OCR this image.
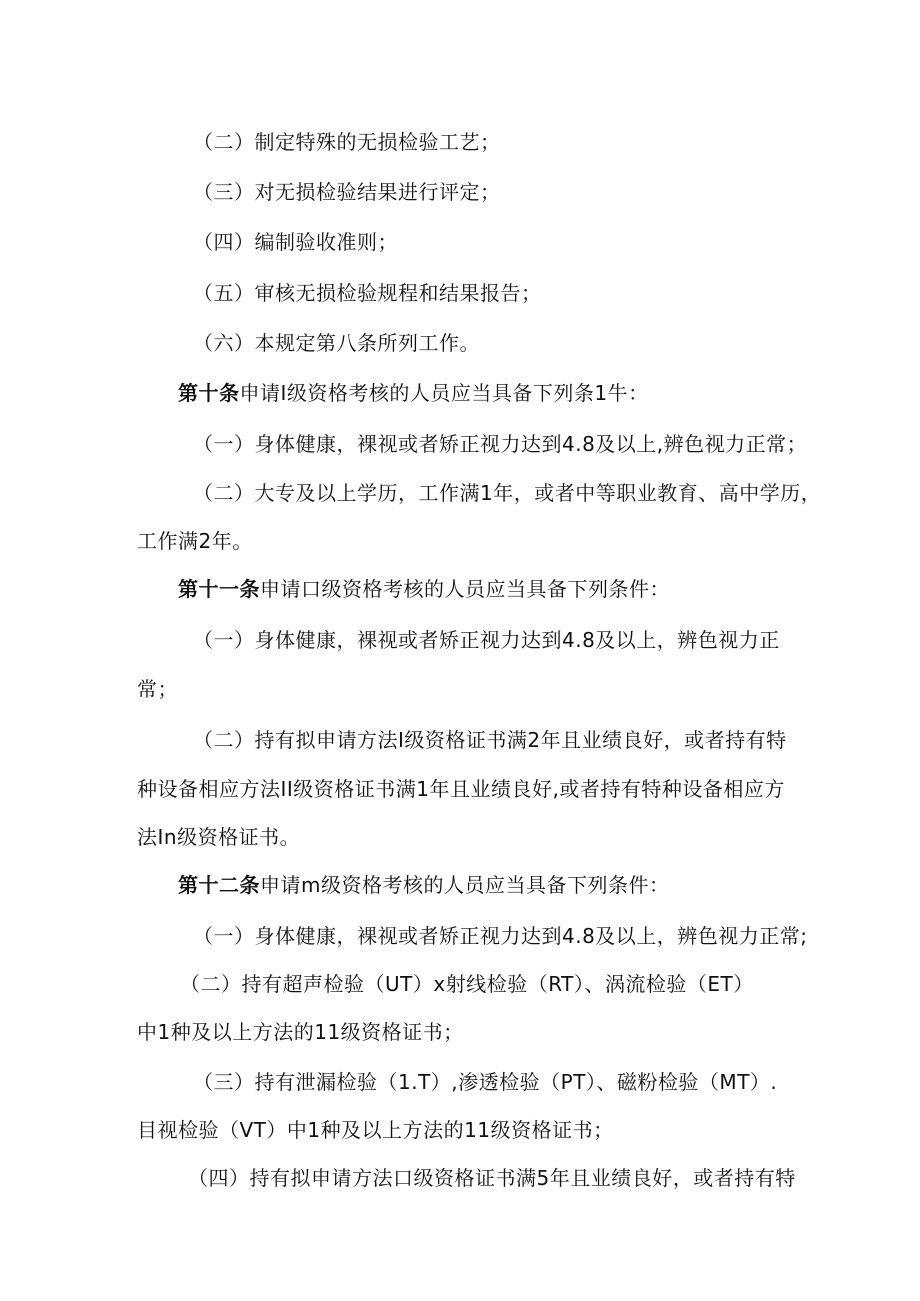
（二）制定特殊的无损检验工艺；
（三）对无损检验结果进行评定；
（四）编制验收准则；
（五）审核无损检验规程和结果报告；
（六）本规定第八条所列工作。
第十条申请I级资格考核的人员应当具备下列条1牛：
（一）身体健康，裸视或者矫正视力达到4.8及以上,辨色视力正常；
（二）大专及以上学历，工作满1年，或者中等职业教育、高中学历，
工作满2年。
第十一条申请口级资格考核的人员应当具备下列条件：
（一）身体健康，裸视或者矫正视力达到4.8及以上，辨色视力正
常；
（二）持有拟申请方法I级资格证书满2年且业绩良好，或者持有特
种设备相应方法II级资格证书满1年且业绩良好,或者持有特种设备相应方
法In级资格证书。
第十二条申请m级资格考核的人员应当具备下列条件：
（一）身体健康，裸视或者矫正视力达到4.8及以上，辨色视力正常;
（二）持有超声检验（UT）x射线检验（RT）、涡流检验（ET）
中1种及以上方法的11级资格证书；
（三）持有泄漏检验（1.T）,渗透检验（PT）、磁粉检验（MT）.
目视检验（VT）中1种及以上方法的11级资格证书；
（四）持有拟申请方法口级资格证书满5年且业绩良好，或者持有特
